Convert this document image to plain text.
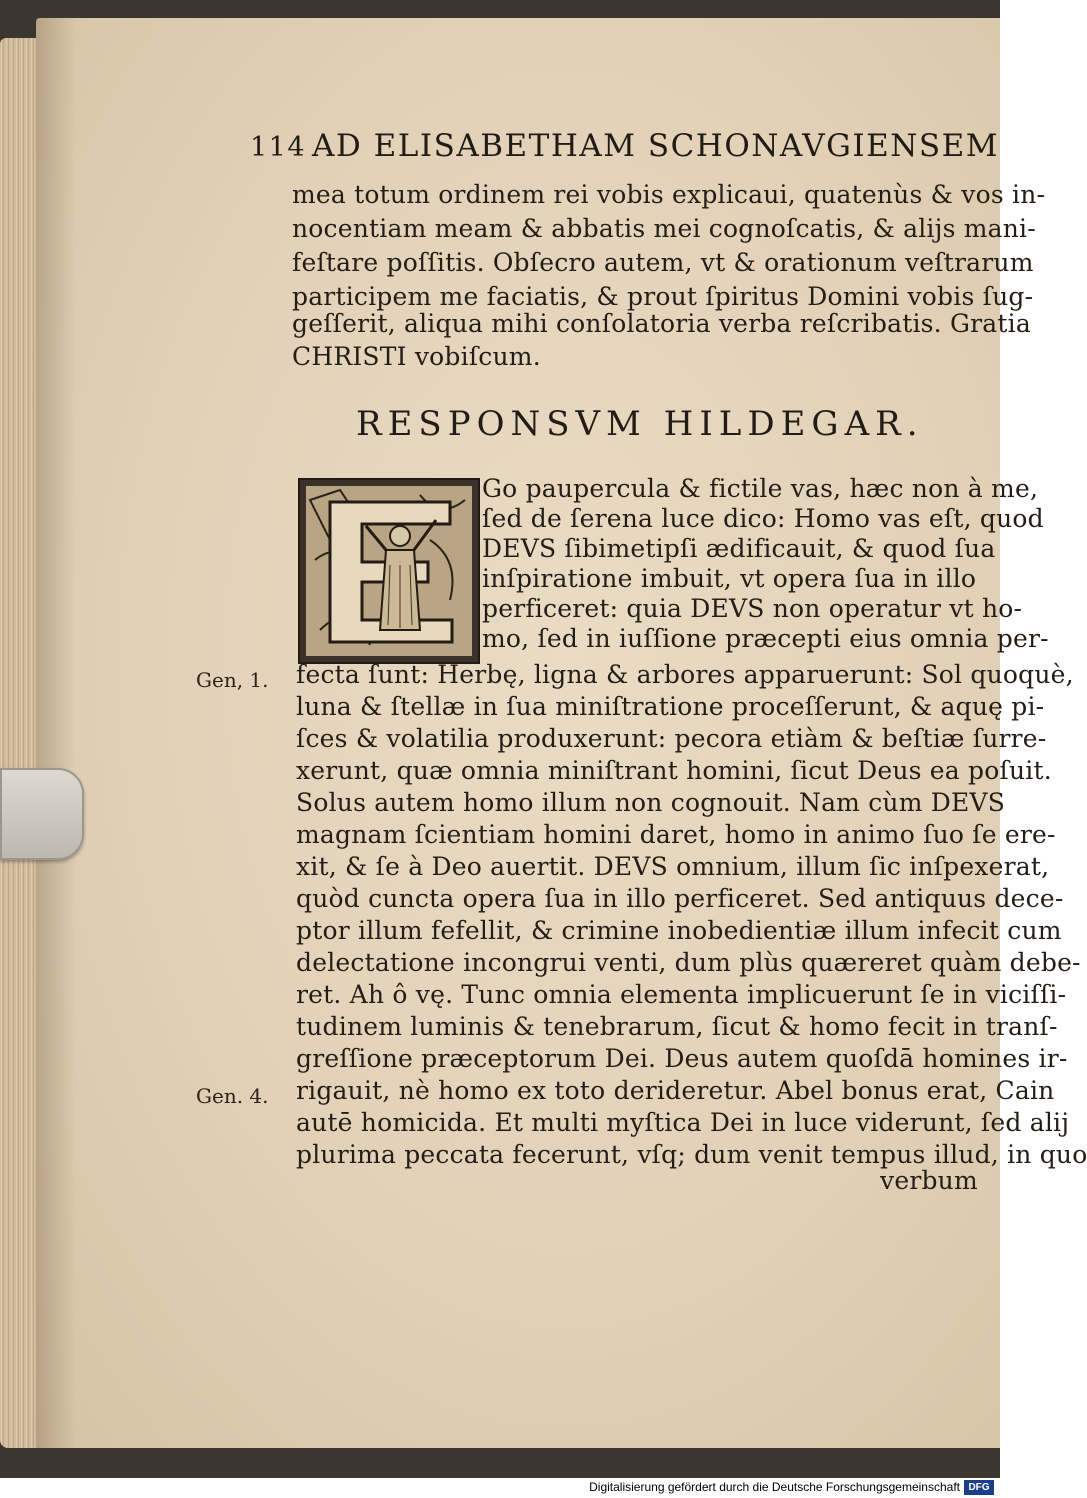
114 AD ELISABETHAM SCHONAVGIENSEM
mea totum ordinem rei vobis explicaui, quatenùs & vos in-
nocentiam meam & abbatis mei cognoſcatis, & alijs mani-
feſtare poſſitis. Obſecro autem, vt & orationum veſtrarum
participem me faciatis, & prout ſpiritus Domini vobis ſug-
geſſerit, aliqua mihi conſolatoria verba reſcribatis. Gratia
CHRISTI vobiſcum.
RESPONSVM HILDEGAR.
Go paupercula & fictile vas, hæc non à me,
ſed de ſerena luce dico: Homo vas eſt, quod
DEVS ſibimetipſi ædificauit, & quod ſua
inſpiratione imbuit, vt opera ſua in illo
perficeret: quia DEVS non operatur vt ho-
mo, ſed in iuſſione præcepti eius omnia per-
Gen, 1.
Gen. 4.
fecta ſunt: Herbę, ligna & arbores apparuerunt: Sol quoquè,
luna & ſtellæ in ſua miniſtratione proceſſerunt, & aquę pi-
ſces & volatilia produxerunt: pecora etiàm & beſtiæ ſurre-
xerunt, quæ omnia miniſtrant homini, ſicut Deus ea poſuit.
Solus autem homo illum non cognouit. Nam cùm DEVS
magnam ſcientiam homini daret, homo in animo ſuo ſe ere-
xit, & ſe à Deo auertit. DEVS omnium, illum ſic inſpexerat,
quòd cuncta opera ſua in illo perficeret. Sed antiquus dece-
ptor illum fefellit, & crimine inobedientiæ illum infecit cum
delectatione incongrui venti, dum plùs quæreret quàm debe-
ret. Ah ô vę. Tunc omnia elementa implicuerunt ſe in viciſſi-
tudinem luminis & tenebrarum, ſicut & homo fecit in tranſ-
greſſione præceptorum Dei. Deus autem quoſdā homines ir-
rigauit, nè homo ex toto derideretur. Abel bonus erat, Cain
autē homicida. Et multi myſtica Dei in luce viderunt, ſed alij
plurima peccata fecerunt, vſq; dum venit tempus illud, in quo
verbum
Digitalisierung gefördert durch die Deutsche Forschungsgemeinschaft DFG
